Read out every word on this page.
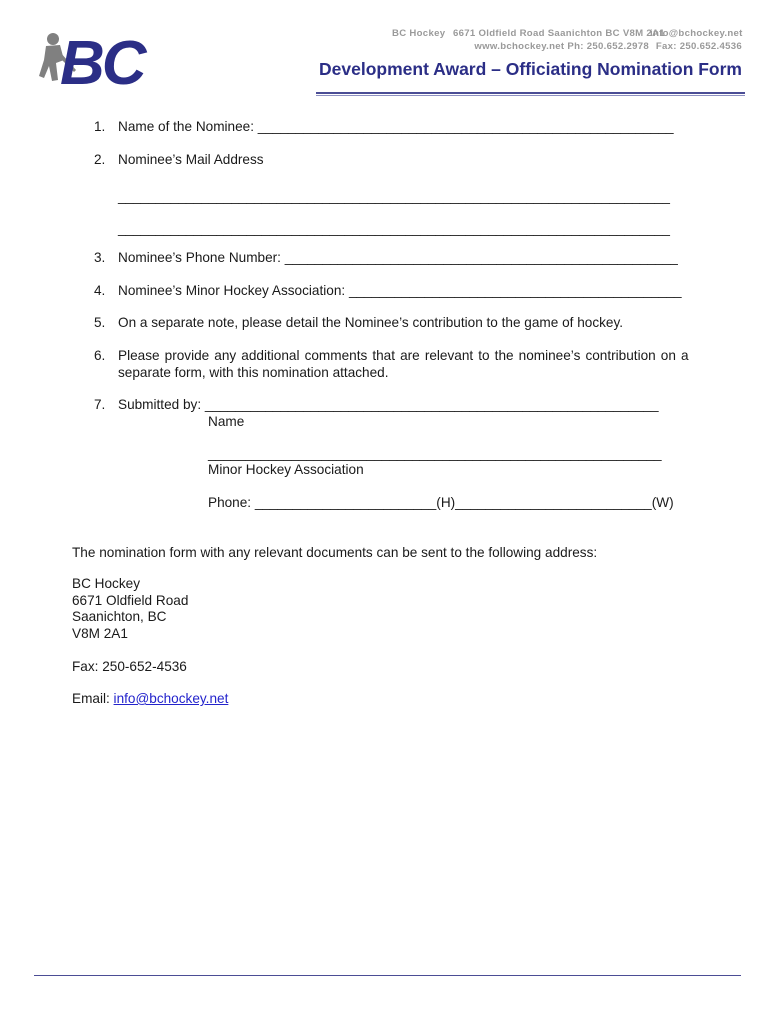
BC	BC Hockey 6671 Oldfield Road Saanichton BC V8M 2A1
www.bchockey.net Ph: 250.652.2978
info@bchockey.net
Fax: 250.652.4536
Development Award – Officiating Nomination Form
1. Name of the Nominee: _______________________________________________________
2. Nominee’s Mail Address
_________________________________________________________________________
_________________________________________________________________________
3. Nominee’s Phone Number: ____________________________________________________
4. Nominee’s Minor Hockey Association: ____________________________________________
5. On a separate note, please detail the Nominee’s contribution to the game of hockey.
6. Please provide any additional comments that are relevant to the nominee’s contribution on a
separate form, with this nomination attached.
7. Submitted by: ____________________________________________________________
Name
____________________________________________________________
Minor Hockey Association
Phone: ________________________(H)__________________________(W)
The nomination form with any relevant documents can be sent to the following address:
BC Hockey
6671 Oldfield Road
Saanichton, BC
V8M 2A1
Fax: 250-652-4536
Email: info@bchockey.net
